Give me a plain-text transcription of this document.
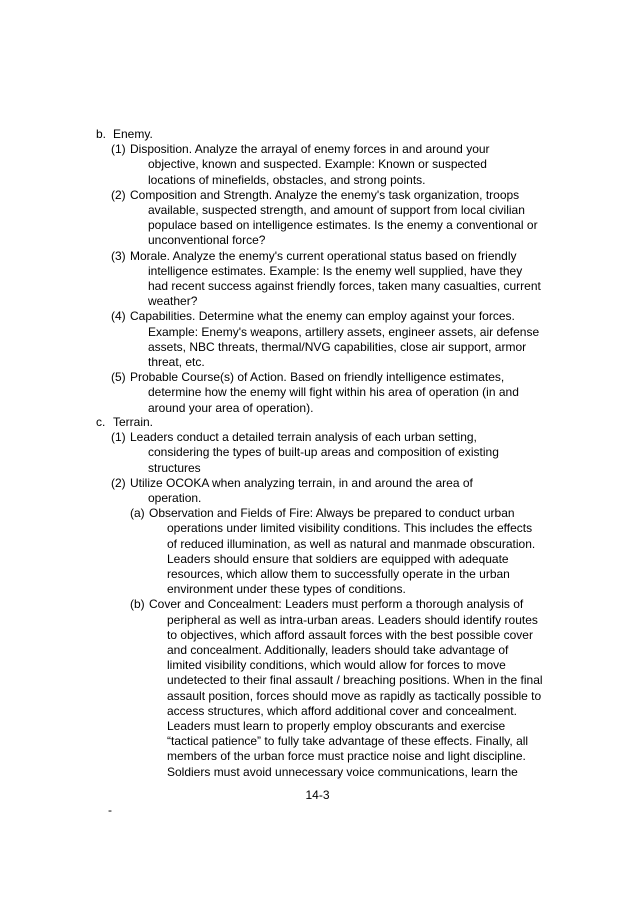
b. Enemy.
(1) Disposition. Analyze the arrayal of enemy forces in and around your
objective, known and suspected. Example: Known or suspected
locations of minefields, obstacles, and strong points.
(2) Composition and Strength. Analyze the enemy's task organization, troops
available, suspected strength, and amount of support from local civilian
populace based on intelligence estimates. Is the enemy a conventional or
unconventional force?
(3) Morale. Analyze the enemy's current operational status based on friendly
intelligence estimates. Example: Is the enemy well supplied, have they
had recent success against friendly forces, taken many casualties, current
weather?
(4) Capabilities. Determine what the enemy can employ against your forces.
Example: Enemy's weapons, artillery assets, engineer assets, air defense
assets, NBC threats, thermal/NVG capabilities, close air support, armor
threat, etc.
(5) Probable Course(s) of Action. Based on friendly intelligence estimates,
determine how the enemy will fight within his area of operation (in and
around your area of operation).
c. Terrain.
(1) Leaders conduct a detailed terrain analysis of each urban setting,
considering the types of built-up areas and composition of existing
structures
(2) Utilize OCOKA when analyzing terrain, in and around the area of
operation.
(a) Observation and Fields of Fire: Always be prepared to conduct urban
operations under limited visibility conditions. This includes the effects
of reduced illumination, as well as natural and manmade obscuration.
Leaders should ensure that soldiers are equipped with adequate
resources, which allow them to successfully operate in the urban
environment under these types of conditions.
(b) Cover and Concealment: Leaders must perform a thorough analysis of
peripheral as well as intra-urban areas. Leaders should identify routes
to objectives, which afford assault forces with the best possible cover
and concealment. Additionally, leaders should take advantage of
limited visibility conditions, which would allow for forces to move
undetected to their final assault / breaching positions. When in the final
assault position, forces should move as rapidly as tactically possible to
access structures, which afford additional cover and concealment.
Leaders must learn to properly employ obscurants and exercise
“tactical patience” to fully take advantage of these effects. Finally, all
members of the urban force must practice noise and light discipline.
Soldiers must avoid unnecessary voice communications, learn the
14-3
-
